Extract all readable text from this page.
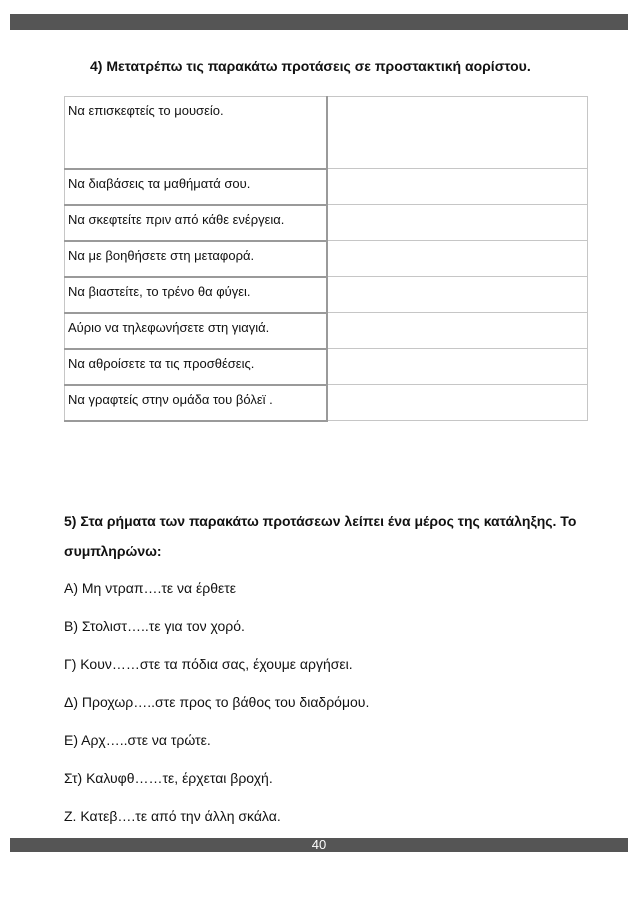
4) Μετατρέπω τις παρακάτω προτάσεις σε προστακτική αορίστου.
Να επισκεφτείς το μουσείο.	
Να διαβάσεις τα μαθήματά σου.	
Να σκεφτείτε πριν από κάθε ενέργεια.	
Να με βοηθήσετε στη μεταφορά.	
Να βιαστείτε, το τρένο θα φύγει.	
Αύριο να τηλεφωνήσετε στη γιαγιά.	
Να αθροίσετε τα τις προσθέσεις.	
Να γραφτείς στην ομάδα του βόλεϊ .	
5) Στα ρήματα των παρακάτω προτάσεων λείπει ένα μέρος της κατάληξης. Το συμπληρώνω:
Α) Μη ντραπ….τε να έρθετε
Β) Στολιστ…..τε για τον χορό.
Γ) Κουν……στε τα πόδια σας, έχουμε αργήσει.
Δ) Προχωρ…..στε προς το βάθος του διαδρόμου.
Ε) Αρχ…..στε να τρώτε.
Στ) Καλυφθ……τε, έρχεται βροχή.
Ζ. Κατεβ….τε από την άλλη σκάλα.
40
